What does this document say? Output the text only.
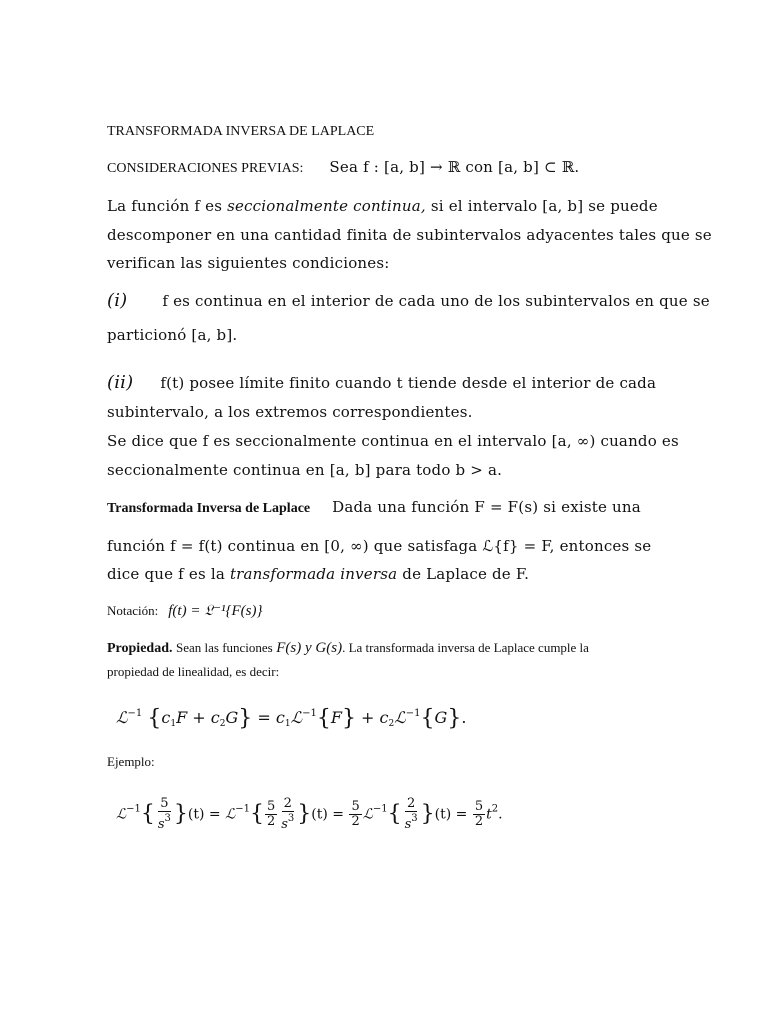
TRANSFORMADA INVERSA DE LAPLACE
CONSIDERACIONES PREVIAS: Sea f : [a, b] → ℝ con [a, b] ⊂ ℝ.
La función f es seccionalmente continua, si el intervalo [a, b] se puede
descomponer en una cantidad finita de subintervalos adyacentes tales que se
verifican las siguientes condiciones:
(i) f es continua en el interior de cada uno de los subintervalos en que se
particionó [a, b].
(ii) f(t) posee límite finito cuando t tiende desde el interior de cada
subintervalo, a los extremos correspondientes.
Se dice que f es seccionalmente continua en el intervalo [a, ∞) cuando es
seccionalmente continua en [a, b] para todo b > a.
Transformada Inversa de Laplace Dada una función F = F(s) si existe una
función f = f(t) continua en [0, ∞) que satisfaga ℒ{f} = F, entonces se
dice que f es la transformada inversa de Laplace de F.
Notación: f(t) = 𝔏⁻¹{F(s)}
Propiedad. Sean las funciones F(s) y G(s). La transformada inversa de Laplace cumple la
propiedad de linealidad, es decir:
ℒ$^{-1}$ $\{c_1F + c_2G\}$ = $c_1ℒ^{-1}\{F\}$ + $c_2ℒ^{-1}\{G\}$.
Ejemplo:
ℒ$^{-1}${ $\frac{5}{s^3} \}(t)$ = ℒ$^{-1}${ $\frac{5}{2} \frac{2}{s^3} \}(t) = \frac{5}{2}$ ℒ$^{-1}${ $\frac{2}{s^3} \}(t) = \frac{5}{2} t^2$.
